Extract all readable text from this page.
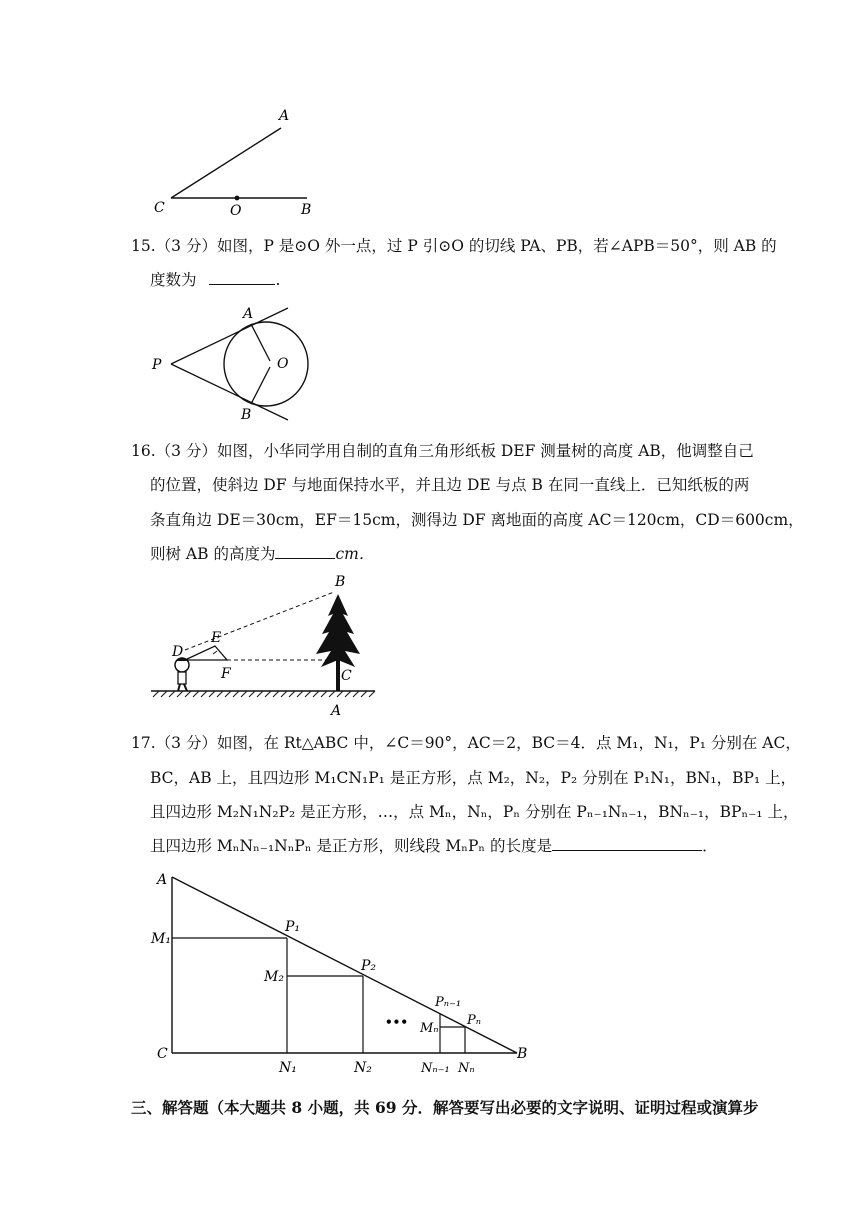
A
C	O	B
15.（3 分）如图，P 是⊙O 外一点，过 P 引⊙O 的切线 PA、PB，若∠APB＝50°，则 AB 的
度数为	.
P
A
B
O
16.（3 分）如图，小华同学用自制的直角三角形纸板 DEF 测量树的高度 AB，他调整自己
的位置，使斜边 DF 与地面保持水平，并且边 DE 与点 B 在同一直线上．已知纸板的两
条直角边 DE＝30cm，EF＝15cm，测得边 DF 离地面的高度 AC＝120cm，CD＝600cm，
则树 AB 的高度为	cm．
B
E
D
F	C
A
17.（3 分）如图，在 Rt△ABC 中，∠C＝90°，AC＝2，BC＝4．点 M₁，N₁，P₁ 分别在 AC，
BC，AB 上，且四边形 M₁CN₁P₁ 是正方形，点 M₂，N₂，P₂ 分别在 P₁N₁，BN₁，BP₁ 上，
且四边形 M₂N₁N₂P₂ 是正方形，…，点 Mₙ，Nₙ，Pₙ 分别在 Pₙ₋₁Nₙ₋₁，BNₙ₋₁，BPₙ₋₁ 上，
且四边形 MₙNₙ₋₁NₙPₙ 是正方形，则线段 MₙPₙ 的长度是	．
A
M₁
P₁
M₂
P₂
•••
Pₙ₋₁
Pₙ
Mₙ
C
N₁	N₂	Nₙ₋₁ Nₙ
B
三、解答题（本大题共 8 小题，共 69 分．解答要写出必要的文字说明、证明过程或演算步
